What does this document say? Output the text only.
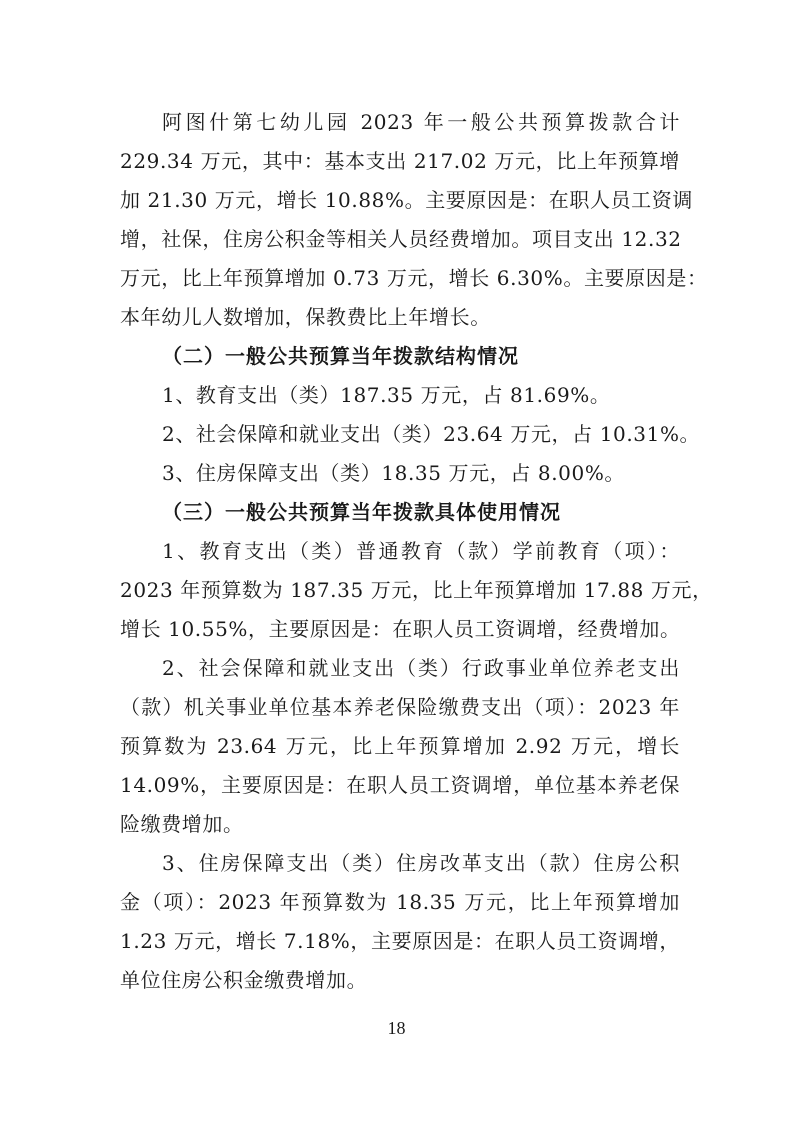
阿图什第七幼儿园 2023 年一般公共预算拨款合计
229.34 万元，其中：基本支出 217.02 万元，比上年预算增
加 21.30 万元，增长 10.88%。主要原因是：在职人员工资调
增，社保，住房公积金等相关人员经费增加。项目支出 12.32
万元，比上年预算增加 0.73 万元，增长 6.30%。主要原因是：
本年幼儿人数增加，保教费比上年增长。
（二）一般公共预算当年拨款结构情况
1、教育支出（类）187.35 万元，占 81.69%。
2、社会保障和就业支出（类）23.64 万元，占 10.31%。
3、住房保障支出（类）18.35 万元，占 8.00%。
（三）一般公共预算当年拨款具体使用情况
1、教育支出（类）普通教育（款）学前教育（项）：
2023 年预算数为 187.35 万元，比上年预算增加 17.88 万元，
增长 10.55%，主要原因是：在职人员工资调增，经费增加。
2、社会保障和就业支出（类）行政事业单位养老支出
（款）机关事业单位基本养老保险缴费支出（项）：2023 年
预算数为 23.64 万元，比上年预算增加 2.92 万元，增长
14.09%，主要原因是：在职人员工资调增，单位基本养老保
险缴费增加。
3、住房保障支出（类）住房改革支出（款）住房公积
金（项）：2023 年预算数为 18.35 万元，比上年预算增加
1.23 万元，增长 7.18%，主要原因是：在职人员工资调增，
单位住房公积金缴费增加。
18
